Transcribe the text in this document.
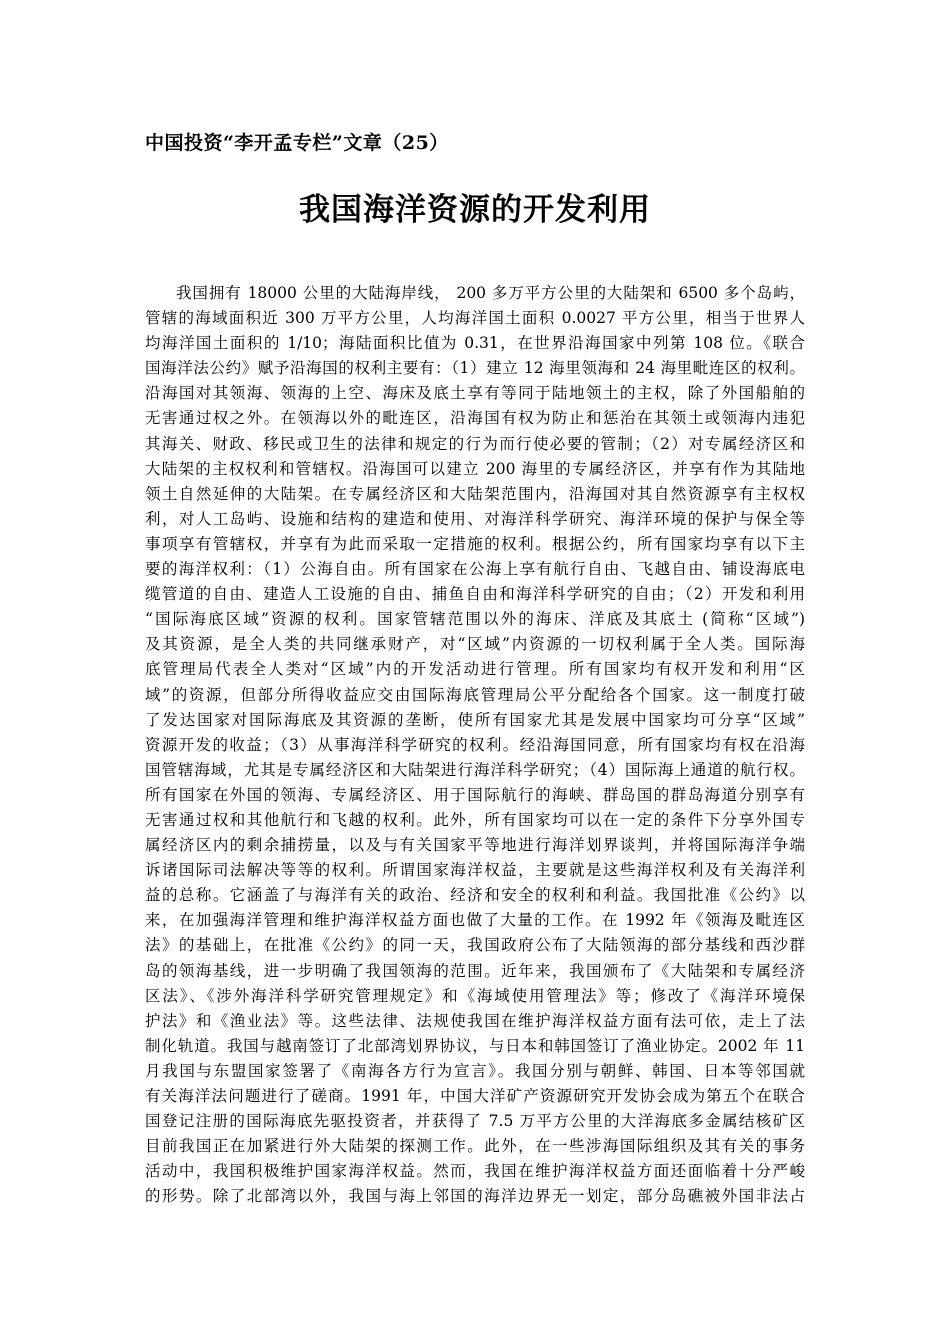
中国投资“李开孟专栏”文章（25）
我国海洋资源的开发利用
我国拥有 18000 公里的大陆海岸线， 200 多万平方公里的大陆架和 6500 多个岛屿，
管辖的海域面积近 300 万平方公里，人均海洋国土面积 0.0027 平方公里，相当于世界人
均海洋国土面积的 1/10；海陆面积比值为 0.31，在世界沿海国家中列第 108 位。《联合
国海洋法公约》赋予沿海国的权利主要有：（1）建立 12 海里领海和 24 海里毗连区的权利。
沿海国对其领海、领海的上空、海床及底土享有等同于陆地领土的主权，除了外国船舶的
无害通过权之外。在领海以外的毗连区，沿海国有权为防止和惩治在其领土或领海内违犯
其海关、财政、移民或卫生的法律和规定的行为而行使必要的管制；（2）对专属经济区和
大陆架的主权权利和管辖权。沿海国可以建立 200 海里的专属经济区，并享有作为其陆地
领土自然延伸的大陆架。在专属经济区和大陆架范围内，沿海国对其自然资源享有主权权
利，对人工岛屿、设施和结构的建造和使用、对海洋科学研究、海洋环境的保护与保全等
事项享有管辖权，并享有为此而采取一定措施的权利。根据公约，所有国家均享有以下主
要的海洋权利：（1）公海自由。所有国家在公海上享有航行自由、飞越自由、铺设海底电
缆管道的自由、建造人工设施的自由、捕鱼自由和海洋科学研究的自由；（2）开发和利用
“国际海底区域”资源的权利。国家管辖范围以外的海床、洋底及其底土 (简称“区域”)
及其资源，是全人类的共同继承财产，对“区域”内资源的一切权利属于全人类。国际海
底管理局代表全人类对“区域”内的开发活动进行管理。所有国家均有权开发和利用“区
域”的资源，但部分所得收益应交由国际海底管理局公平分配给各个国家。这一制度打破
了发达国家对国际海底及其资源的垄断，使所有国家尤其是发展中国家均可分享“区域”
资源开发的收益；（3）从事海洋科学研究的权利。经沿海国同意，所有国家均有权在沿海
国管辖海域，尤其是专属经济区和大陆架进行海洋科学研究；（4）国际海上通道的航行权。
所有国家在外国的领海、专属经济区、用于国际航行的海峡、群岛国的群岛海道分别享有
无害通过权和其他航行和飞越的权利。此外，所有国家均可以在一定的条件下分享外国专
属经济区内的剩余捕捞量，以及与有关国家平等地进行海洋划界谈判，并将国际海洋争端
诉诸国际司法解决等等的权利。所谓国家海洋权益，主要就是这些海洋权利及有关海洋利
益的总称。它涵盖了与海洋有关的政治、经济和安全的权利和利益。我国批准《公约》以
来，在加强海洋管理和维护海洋权益方面也做了大量的工作。在 1992 年《领海及毗连区
法》的基础上，在批准《公约》的同一天，我国政府公布了大陆领海的部分基线和西沙群
岛的领海基线，进一步明确了我国领海的范围。近年来，我国颁布了《大陆架和专属经济
区法》、《涉外海洋科学研究管理规定》和《海域使用管理法》等；修改了《海洋环境保
护法》和《渔业法》等。这些法律、法规使我国在维护海洋权益方面有法可依，走上了法
制化轨道。我国与越南签订了北部湾划界协议，与日本和韩国签订了渔业协定。2002 年 11
月我国与东盟国家签署了《南海各方行为宣言》。我国分别与朝鲜、韩国、日本等邻国就
有关海洋法问题进行了磋商。1991 年，中国大洋矿产资源研究开发协会成为第五个在联合
国登记注册的国际海底先驱投资者，并获得了 7.5 万平方公里的大洋海底多金属结核矿区
目前我国正在加紧进行外大陆架的探测工作。此外，在一些涉海国际组织及其有关的事务
活动中，我国积极维护国家海洋权益。然而，我国在维护海洋权益方面还面临着十分严峻
的形势。除了北部湾以外，我国与海上邻国的海洋边界无一划定，部分岛礁被外国非法占
